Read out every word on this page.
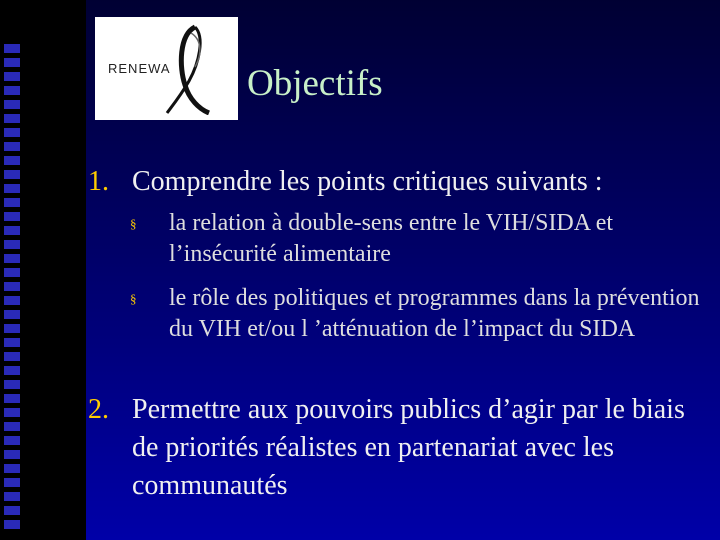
RENEWA Objectifs
1. Comprendre les points critiques suivants :
§ la relation à double-sens entre le VIH/SIDA et l’insécurité alimentaire
§ le rôle des politiques et programmes dans la prévention du VIH et/ou l ’atténuation de l’impact du SIDA
2. Permettre aux pouvoirs publics d’agir par le biais de priorités réalistes en partenariat avec les communautés
